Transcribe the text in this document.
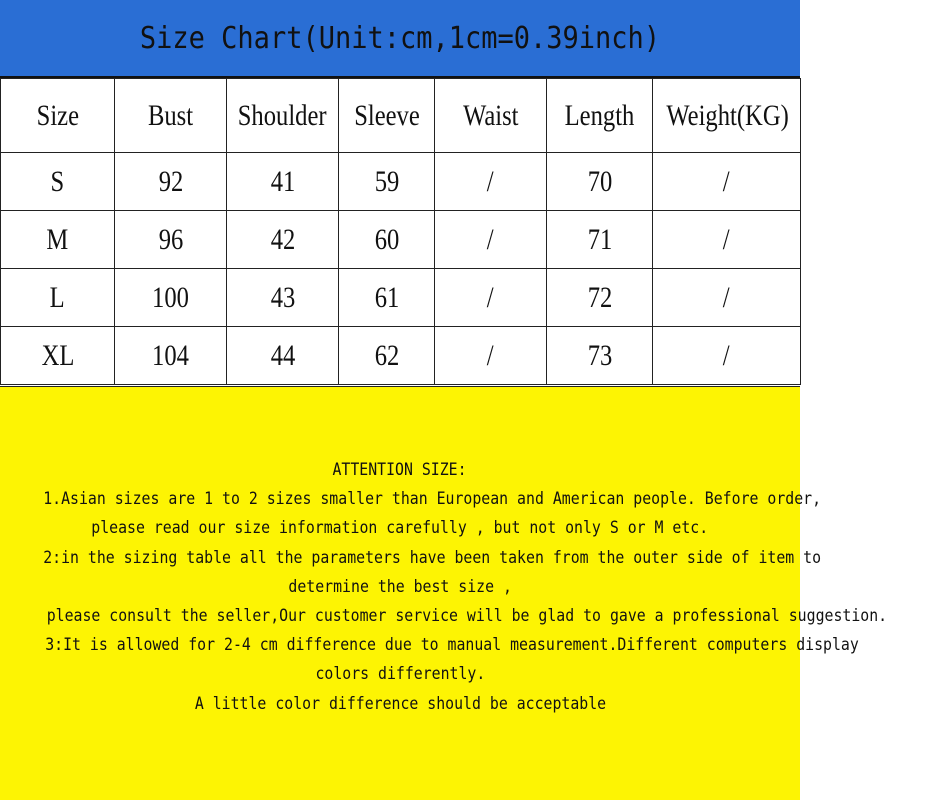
Size Chart(Unit:cm,1cm=0.39inch)
Size	Bust	Shoulder	Sleeve	Waist	Length	Weight(KG)
S	92	41	59	/	70	/
M	96	42	60	/	71	/
L	100	43	61	/	72	/
XL	104	44	62	/	73	/
ATTENTION SIZE:
1.Asian sizes are 1 to 2 sizes smaller than European and American people. Before order,
please read our size information carefully , but not only S or M etc.
2:in the sizing table all the parameters have been taken from the outer side of item to
determine the best size ,
please consult the seller,Our customer service will be glad to gave a professional suggestion.
3:It is allowed for 2-4 cm difference due to manual measurement.Different computers display
colors differently.
A little color difference should be acceptable
